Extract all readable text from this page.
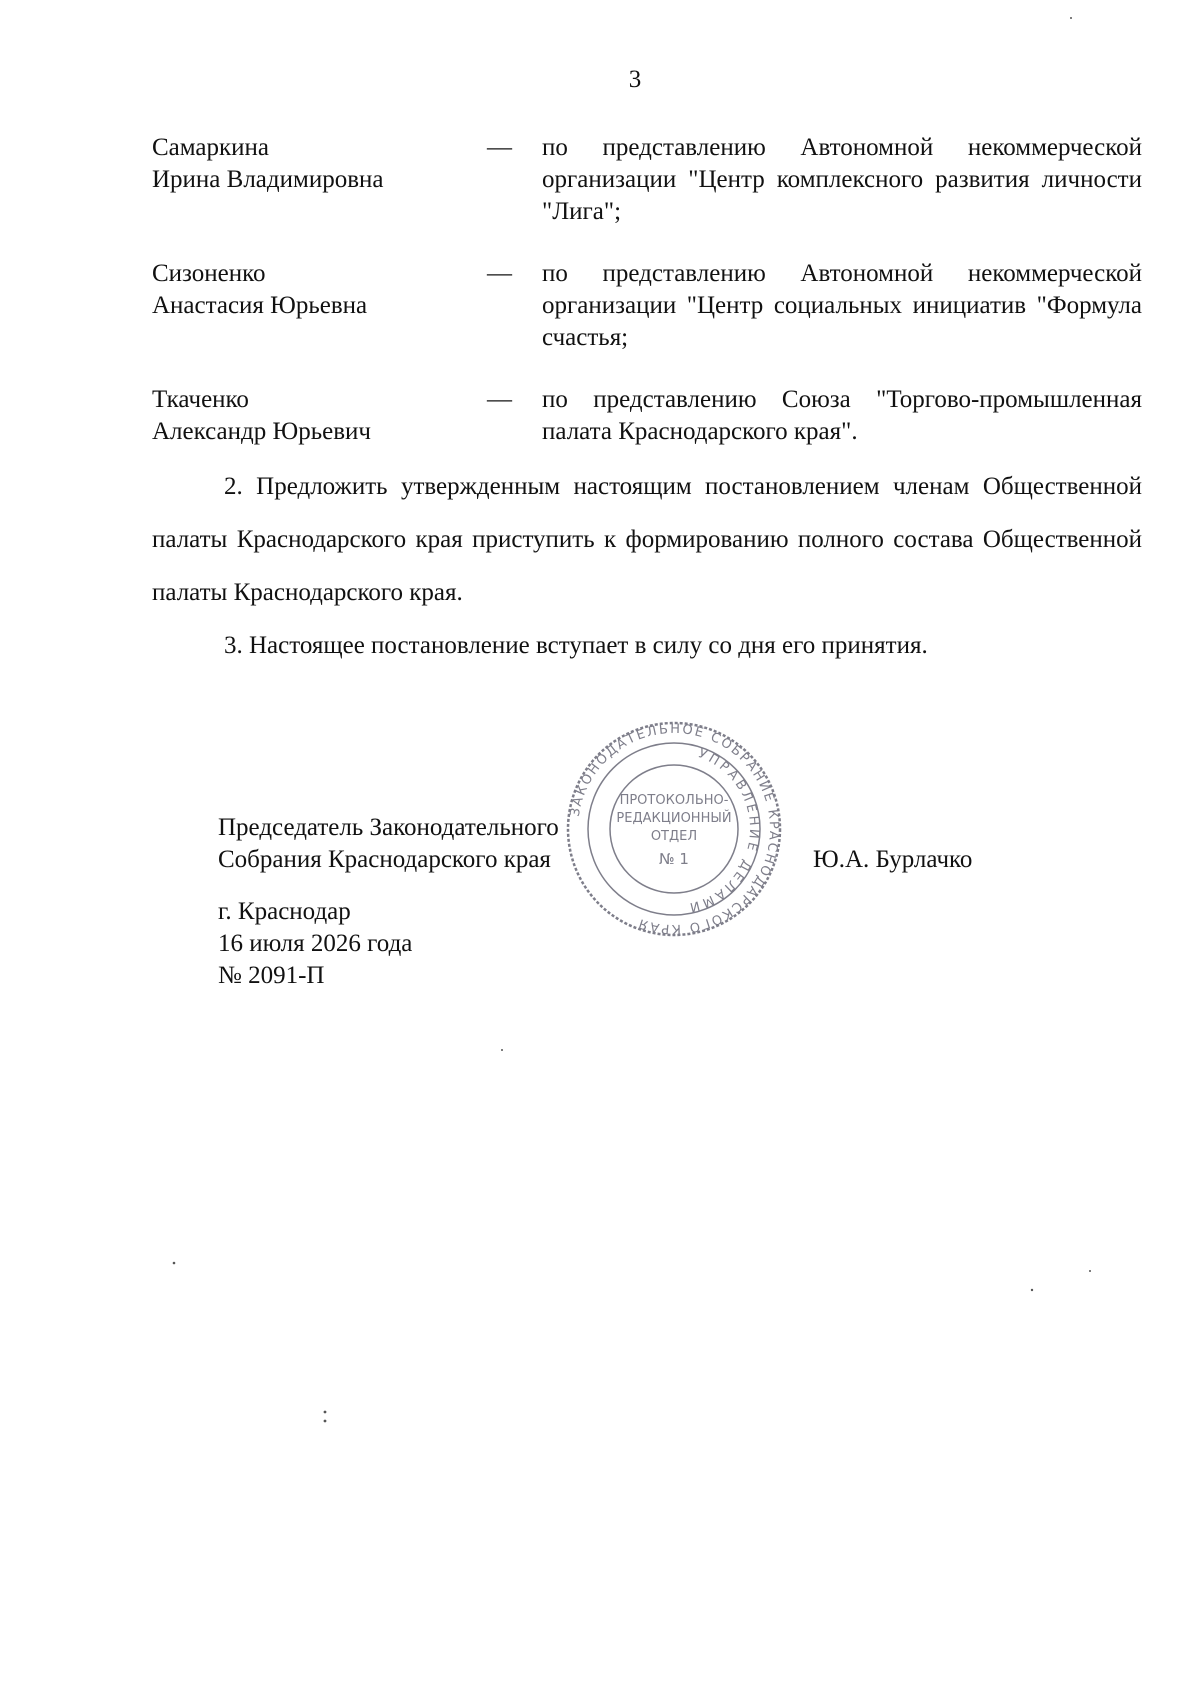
3
Самаркина
Ирина Владимировна
—	по представлению Автономной некоммерческой организации "Центр комплексного развития личности "Лига";
Сизоненко
Анастасия Юрьевна
—	по представлению Автономной некоммерческой организации "Центр социальных инициатив "Формула счастья;
Ткаченко
Александр Юрьевич
—	по представлению Союза "Торгово-промышленная палата Краснодарского края".

2. Предложить утвержденным настоящим постановлением членам Общественной палаты Краснодарского края приступить к формированию полного состава Общественной палаты Краснодарского края.

3. Настоящее постановление вступает в силу со дня его принятия.

ЗАКОНОДАТЕЛЬНОЕ СОБРАНИЕ КРАСНОДАРСКОГО КРАЯ
УПРАВЛЕНИЕ ДЕЛАМИ
ПРОТОКОЛЬНО-
РЕДАКЦИОННЫЙ
ОТДЕЛ
№ 1
Председатель Законодательного
Собрания Краснодарского края	Ю.А. Бурлачко
г. Краснодар
16 июля 2026 года
№ 2091-П
